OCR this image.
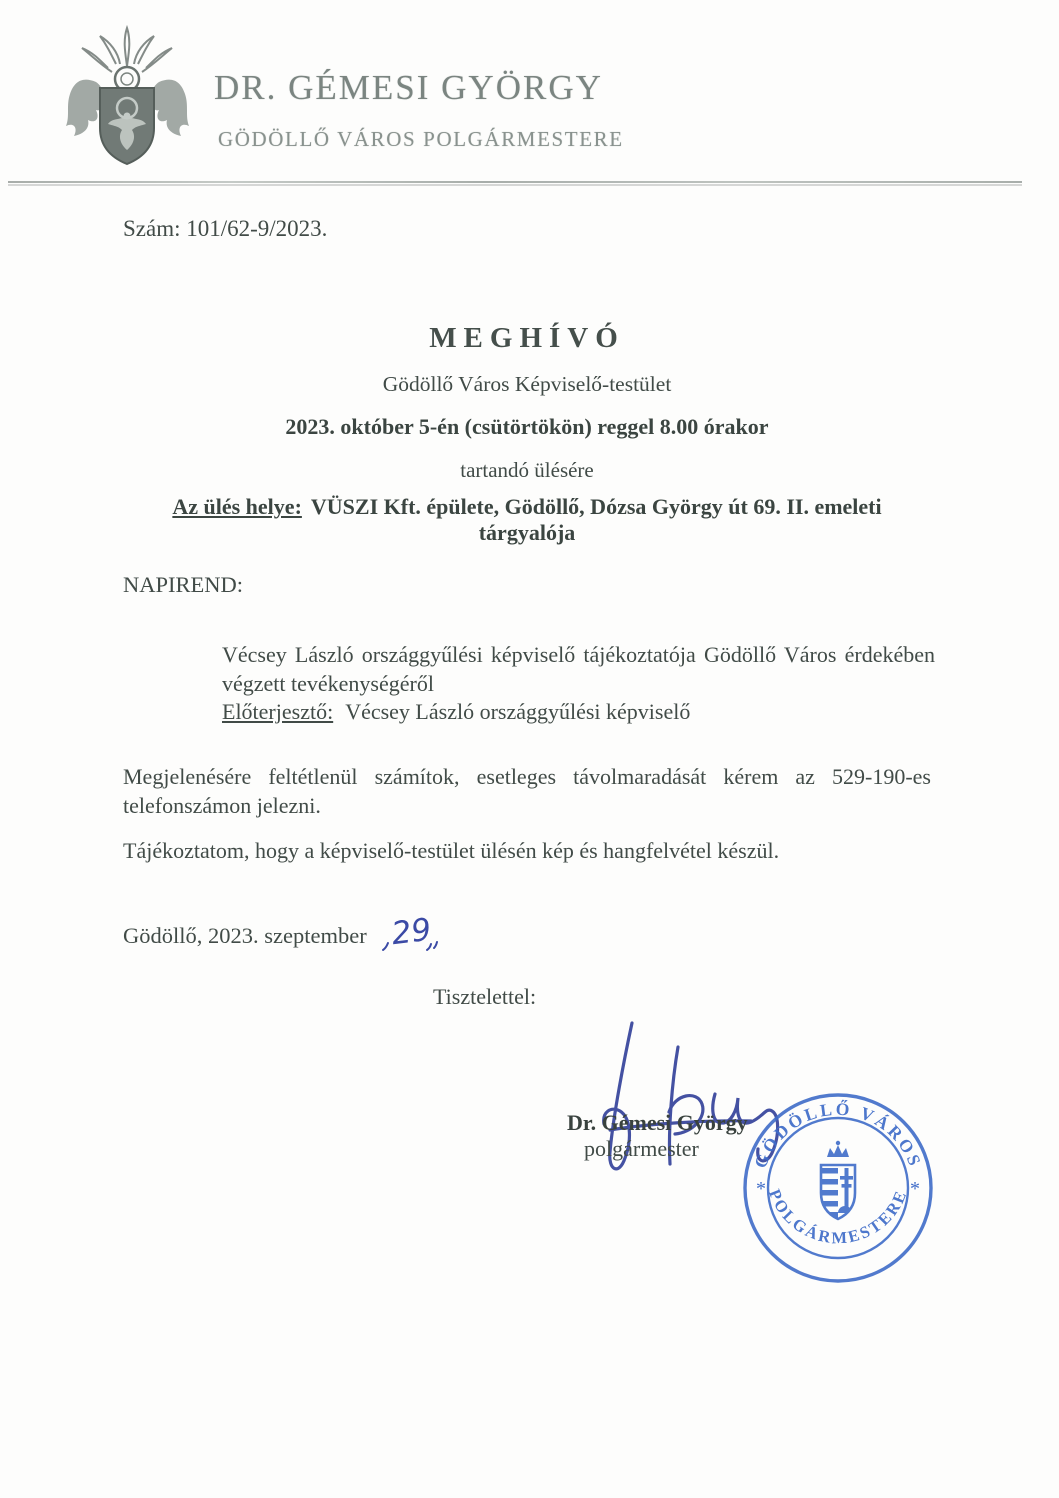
DR. GÉMESI GYÖRGY
GÖDÖLLŐ VÁROS POLGÁRMESTERE
Szám: 101/62-9/2023.
MEGHÍVÓ
Gödöllő Város Képviselő-testület
2023. október 5-én (csütörtökön) reggel 8.00 órakor
tartandó ülésére
Az ülés helye: VÜSZI Kft. épülete, Gödöllő, Dózsa György út 69. II. emeleti tárgyalója
NAPIREND:
Vécsey László országgyűlési képviselő tájékoztatója Gödöllő Város érdekében végzett tevékenységéről
Előterjesztő: Vécsey László országgyűlési képviselő
Megjelenésére feltétlenül számítok, esetleges távolmaradását kérem az 529-190-es telefonszámon jelezni.
Tájékoztatom, hogy a képviselő-testület ülésén kép és hangfelvétel készül.
Gödöllő, 2023. szeptember 29
Tisztelettel:
Dr. Gémesi György
polgármester	GÖDÖLLŐ VÁROS
POLGÁRMESTERE
*	*
